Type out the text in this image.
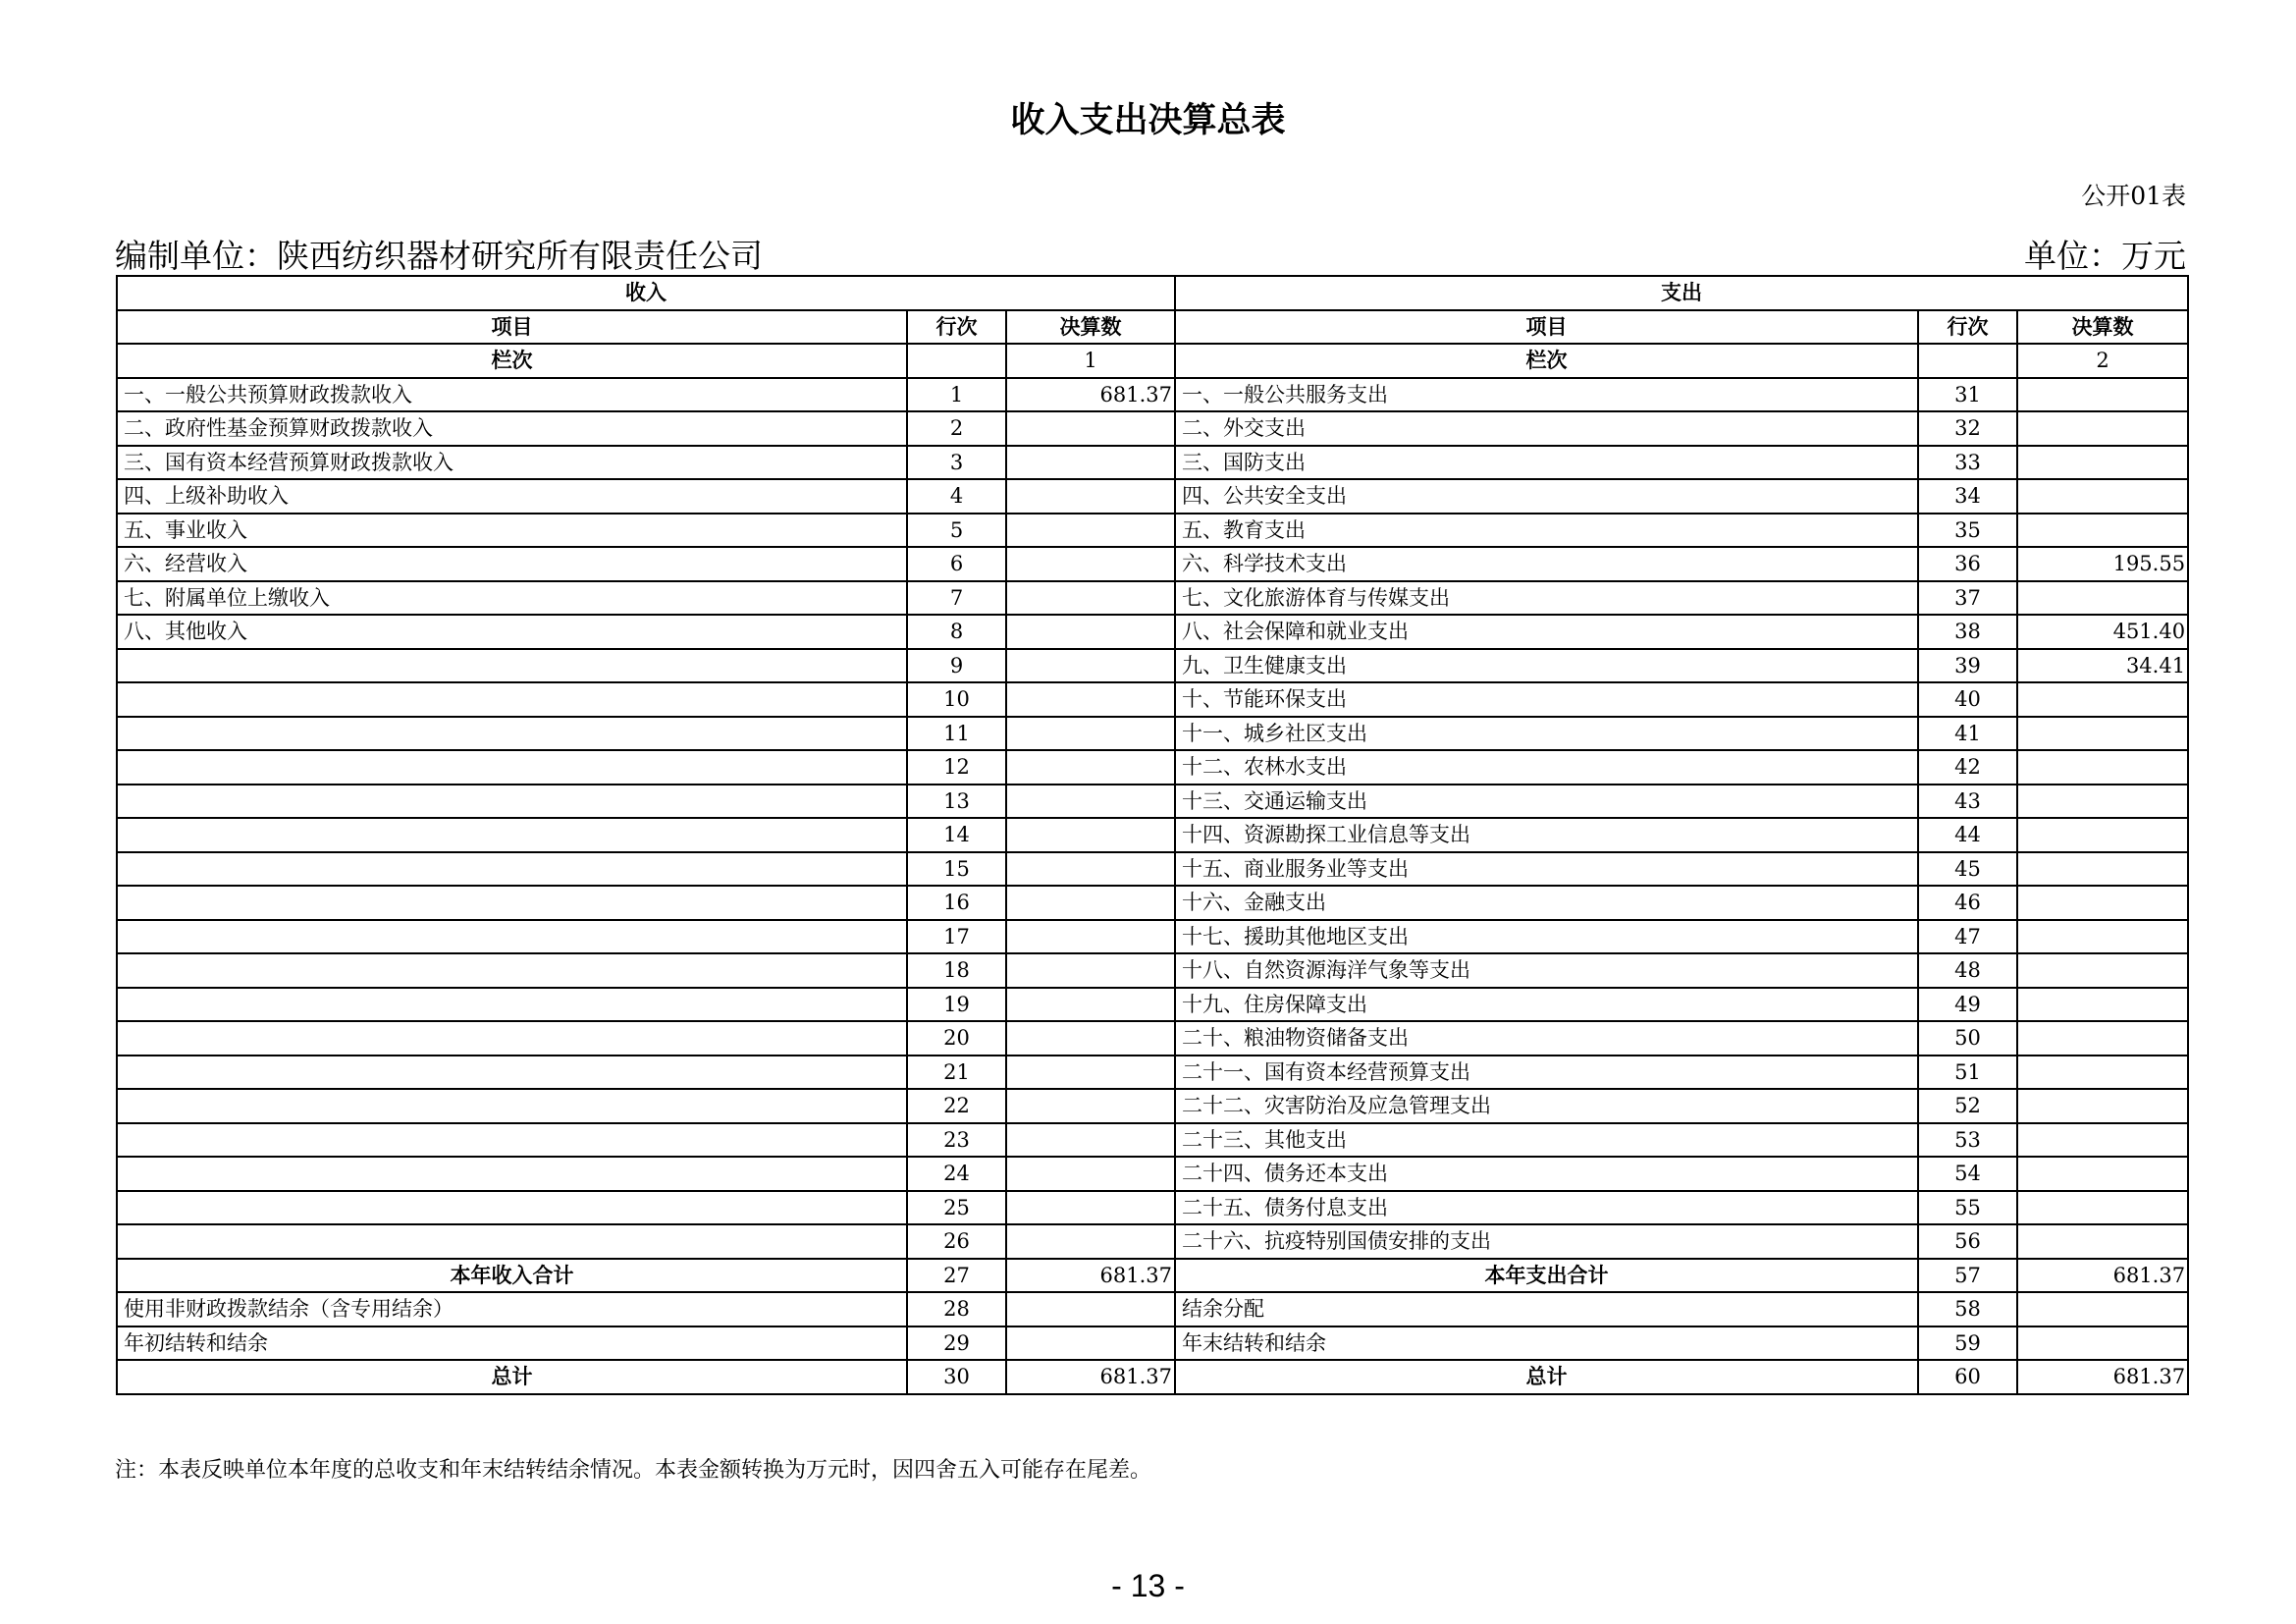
收入支出决算总表
公开01表
编制单位：陕西纺织器材研究所有限责任公司	单位：万元
收入			支出		
项目	行次	决算数	项目	行次	决算数
栏次		1	栏次		2
一、一般公共预算财政拨款收入	1	681.37	一、一般公共服务支出	31	
二、政府性基金预算财政拨款收入	2		二、外交支出	32	
三、国有资本经营预算财政拨款收入	3		三、国防支出	33	
四、上级补助收入	4		四、公共安全支出	34	
五、事业收入	5		五、教育支出	35	
六、经营收入	6		六、科学技术支出	36	195.55
七、附属单位上缴收入	7		七、文化旅游体育与传媒支出	37	
八、其他收入	8		八、社会保障和就业支出	38	451.40
	9		九、卫生健康支出	39	34.41
	10		十、节能环保支出	40	
	11		十一、城乡社区支出	41	
	12		十二、农林水支出	42	
	13		十三、交通运输支出	43	
	14		十四、资源勘探工业信息等支出	44	
	15		十五、商业服务业等支出	45	
	16		十六、金融支出	46	
	17		十七、援助其他地区支出	47	
	18		十八、自然资源海洋气象等支出	48	
	19		十九、住房保障支出	49	
	20		二十、粮油物资储备支出	50	
	21		二十一、国有资本经营预算支出	51	
	22		二十二、灾害防治及应急管理支出	52	
	23		二十三、其他支出	53	
	24		二十四、债务还本支出	54	
	25		二十五、债务付息支出	55	
	26		二十六、抗疫特别国债安排的支出	56	
本年收入合计	27	681.37	本年支出合计	57	681.37
使用非财政拨款结余（含专用结余）	28		结余分配	58	
年初结转和结余	29		年末结转和结余	59	
总计	30	681.37	总计	60	681.37
注：本表反映单位本年度的总收支和年末结转结余情况。本表金额转换为万元时，因四舍五入可能存在尾差。
- 13 -
